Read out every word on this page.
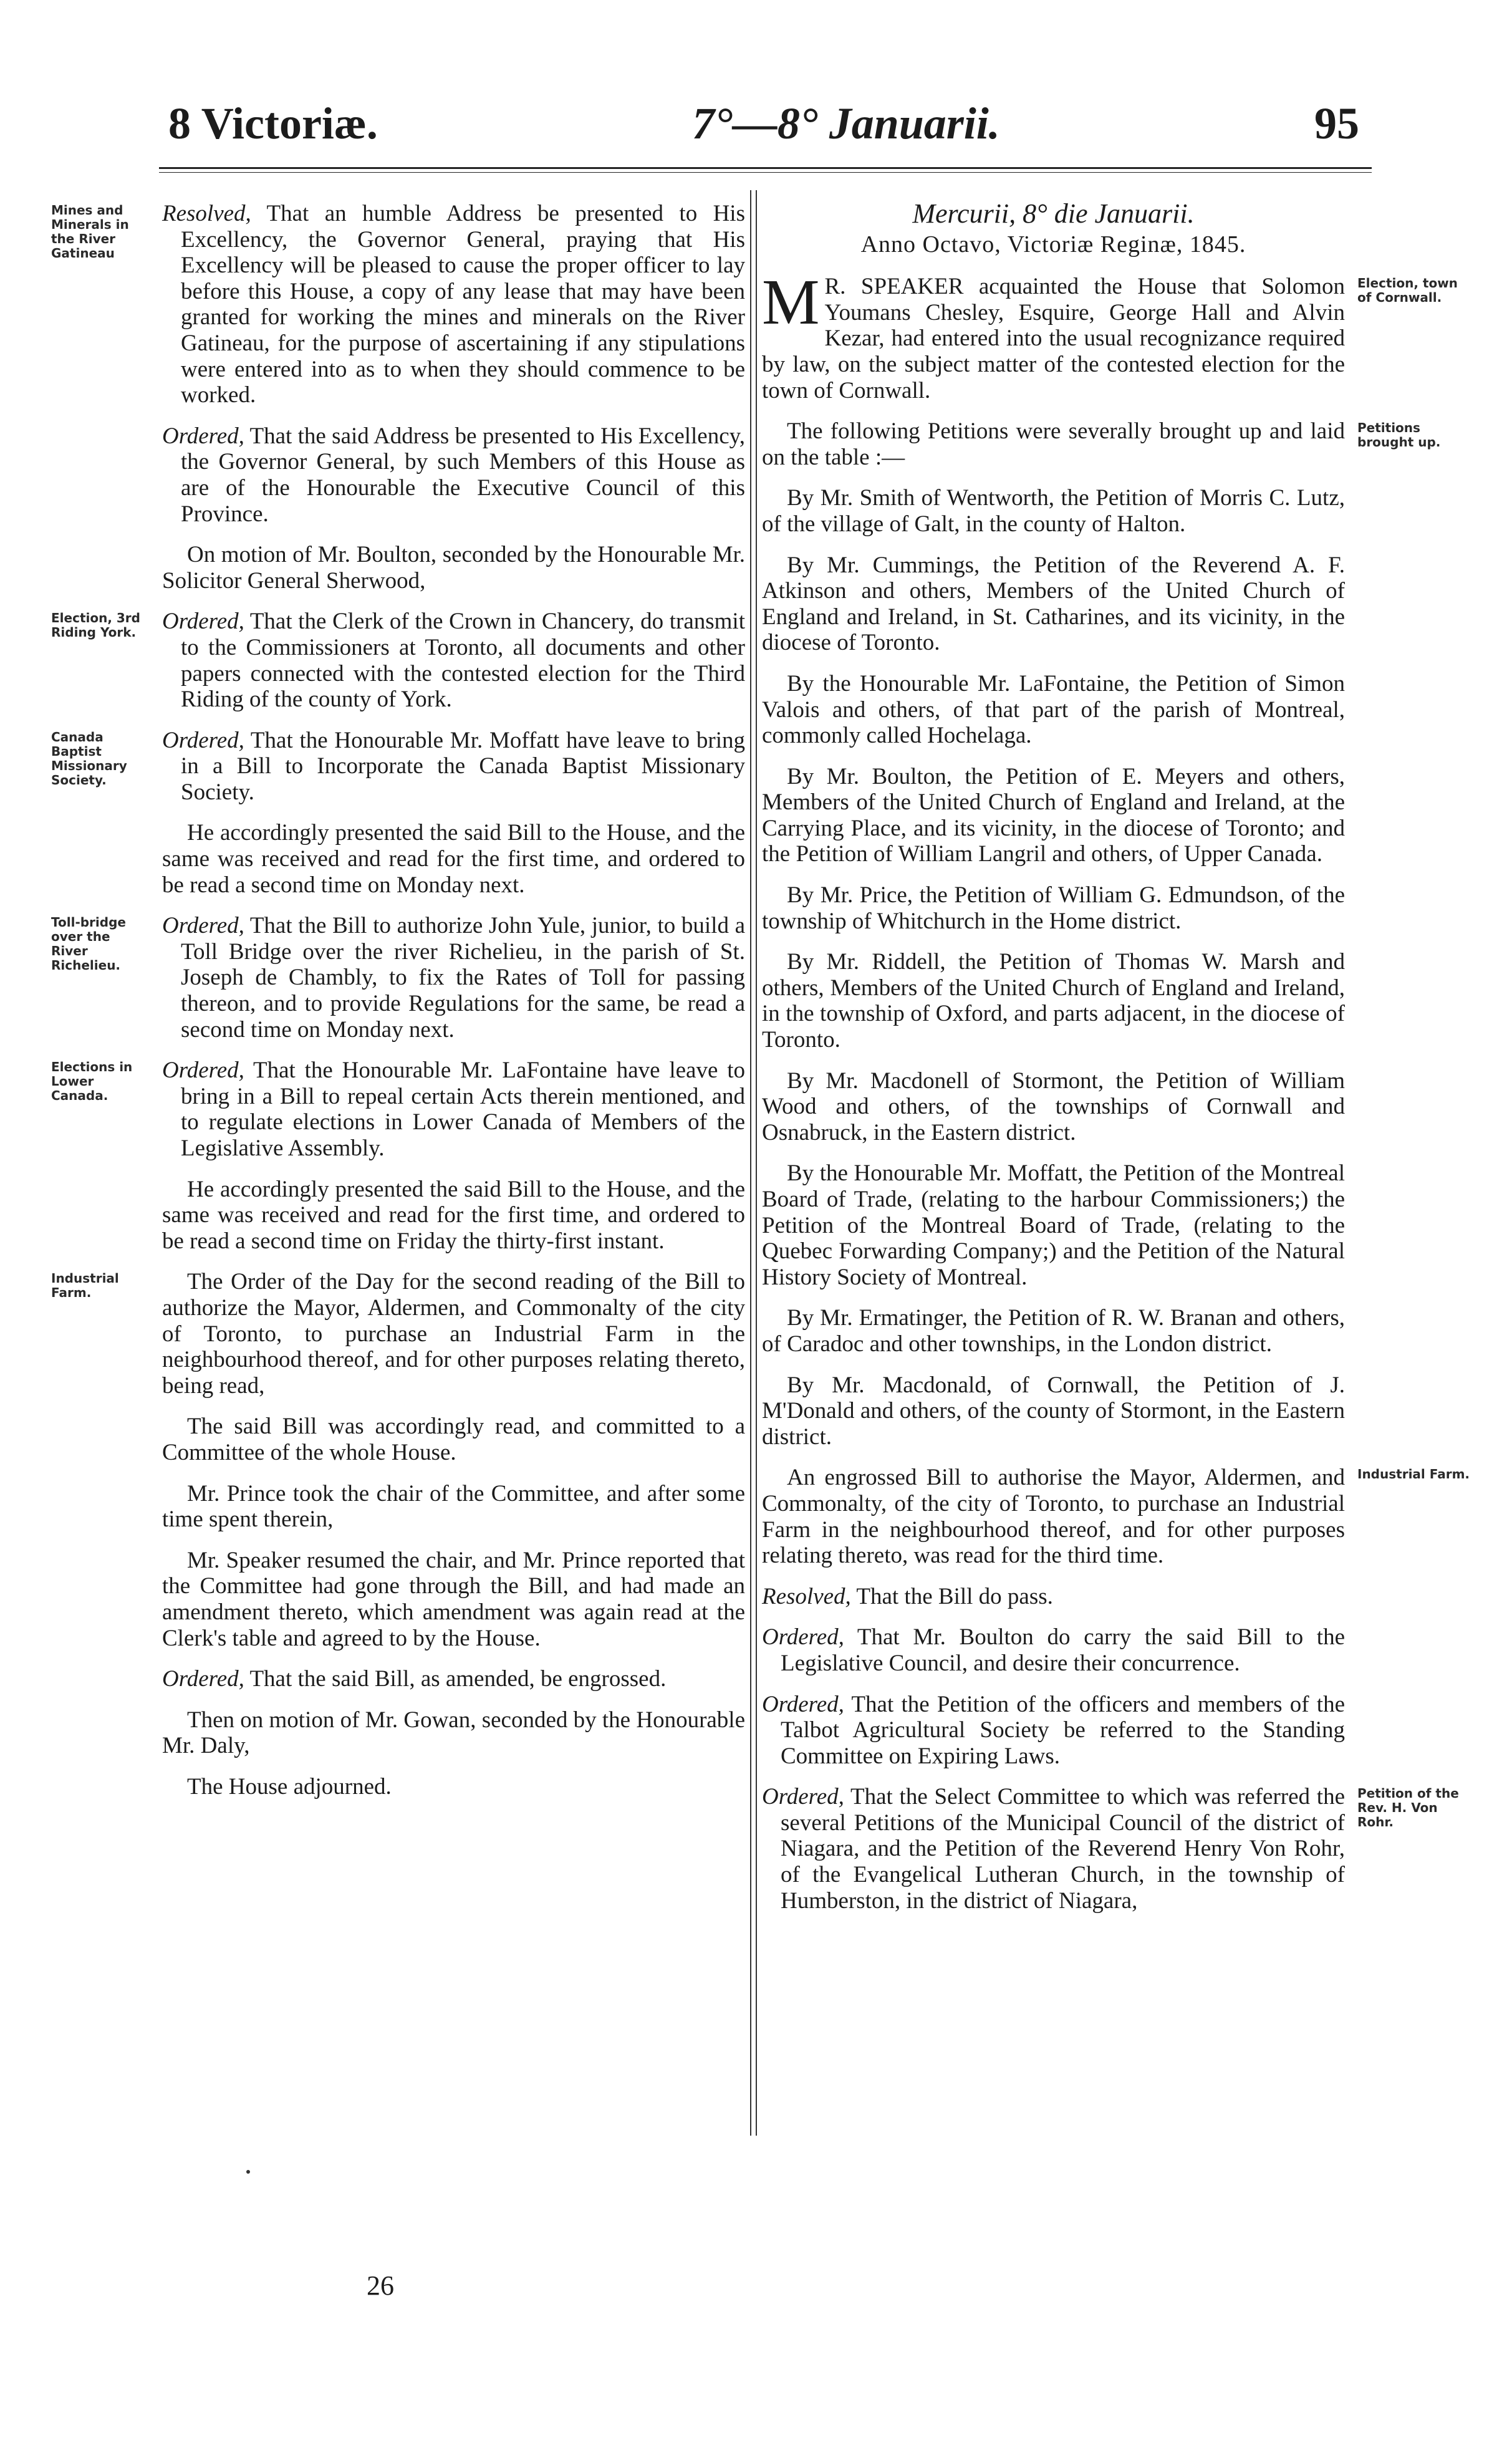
8 Victoriæ.	7°—8° Januarii.	95

Mines and Minerals in the River Gatineau
Resolved, That an humble Address be presented to His Excellency, the Governor General, praying that His Excellency will be pleased to cause the proper officer to lay before this House, a copy of any lease that may have been granted for working the mines and minerals on the River Gatineau, for the purpose of ascertaining if any stipulations were entered into as to when they should commence to be worked.

Ordered, That the said Address be presented to His Excellency, the Governor General, by such Members of this House as are of the Honourable the Executive Council of this Province.

On motion of Mr. Boulton, seconded by the Honourable Mr. Solicitor General Sherwood,

Election, 3rd Riding York.	Ordered, That the Clerk of the Crown in Chancery, do transmit to the Commissioners at Toronto, all documents and other papers connected with the contested election for the Third Riding of the county of York.

Canada Baptist Missionary Society.
Ordered, That the Honourable Mr. Moffatt have leave to bring in a Bill to Incorporate the Canada Baptist Missionary Society.

He accordingly presented the said Bill to the House, and the same was received and read for the first time, and ordered to be read a second time on Monday next.

Toll-bridge over the River Richelieu.
Ordered, That the Bill to authorize John Yule, junior, to build a Toll Bridge over the river Richelieu, in the parish of St. Joseph de Chambly, to fix the Rates of Toll for passing thereon, and to provide Regulations for the same, be read a second time on Monday next.

Elections in Lower Canada.
Ordered, That the Honourable Mr. LaFontaine have leave to bring in a Bill to repeal certain Acts therein mentioned, and to regulate elections in Lower Canada of Members of the Legislative Assembly.

He accordingly presented the said Bill to the House, and the same was received and read for the first time, and ordered to be read a second time on Friday the thirty-first instant.

Industrial Farm.	The Order of the Day for the second reading of the Bill to authorize the Mayor, Aldermen, and Commonalty of the city of Toronto, to purchase an Industrial Farm in the neighbourhood thereof, and for other purposes relating thereto, being read,

The said Bill was accordingly read, and committed to a Committee of the whole House.

Mr. Prince took the chair of the Committee, and after some time spent therein,

Mr. Speaker resumed the chair, and Mr. Prince reported that the Committee had gone through the Bill, and had made an amendment thereto, which amendment was again read at the Clerk's table and agreed to by the House.

Ordered, That the said Bill, as amended, be engrossed.

Then on motion of Mr. Gowan, seconded by the Honourable Mr. Daly,

The House adjourned.

Mercurii, 8° die Januarii.
Anno Octavo, Victoriæ Reginæ, 1845.

Election, town of Cornwall.
M R. SPEAKER acquainted the House that Solomon Youmans Chesley, Esquire, George Hall and Alvin Kezar, had entered into the usual recognizance required by law, on the subject matter of the contested election for the town of Cornwall.

Petitions brought up.
The following Petitions were severally brought up and laid on the table :—

By Mr. Smith of Wentworth, the Petition of Morris C. Lutz, of the village of Galt, in the county of Halton.

By Mr. Cummings, the Petition of the Reverend A. F. Atkinson and others, Members of the United Church of England and Ireland, in St. Catharines, and its vicinity, in the diocese of Toronto.

By the Honourable Mr. LaFontaine, the Petition of Simon Valois and others, of that part of the parish of Montreal, commonly called Hochelaga.

By Mr. Boulton, the Petition of E. Meyers and others, Members of the United Church of England and Ireland, at the Carrying Place, and its vicinity, in the diocese of Toronto; and the Petition of William Langril and others, of Upper Canada.

By Mr. Price, the Petition of William G. Edmundson, of the township of Whitchurch in the Home district.

By Mr. Riddell, the Petition of Thomas W. Marsh and others, Members of the United Church of England and Ireland, in the township of Oxford, and parts adjacent, in the diocese of Toronto.

By Mr. Macdonell of Stormont, the Petition of William Wood and others, of the townships of Cornwall and Osnabruck, in the Eastern district.

By the Honourable Mr. Moffatt, the Petition of the Montreal Board of Trade, (relating to the harbour Commissioners;) the Petition of the Montreal Board of Trade, (relating to the Quebec Forwarding Company;) and the Petition of the Natural History Society of Montreal.

By Mr. Ermatinger, the Petition of R. W. Branan and others, of Caradoc and other townships, in the London district.

By Mr. Macdonald, of Cornwall, the Petition of J. M'Donald and others, of the county of Stormont, in the Eastern district.

Industrial Farm.
An engrossed Bill to authorise the Mayor, Aldermen, and Commonalty, of the city of Toronto, to purchase an Industrial Farm in the neighbourhood thereof, and for other purposes relating thereto, was read for the third time.

Resolved, That the Bill do pass.

Ordered, That Mr. Boulton do carry the said Bill to the Legislative Council, and desire their concurrence.

Ordered, That the Petition of the officers and members of the Talbot Agricultural Society be referred to the Standing Committee on Expiring Laws.

Petition of the Rev. H. Von Rohr.
Ordered, That the Select Committee to which was referred the several Petitions of the Municipal Council of the district of Niagara, and the Petition of the Reverend Henry Von Rohr, of the Evangelical Lutheran Church, in the township of Humberston, in the district of Niagara,

26
